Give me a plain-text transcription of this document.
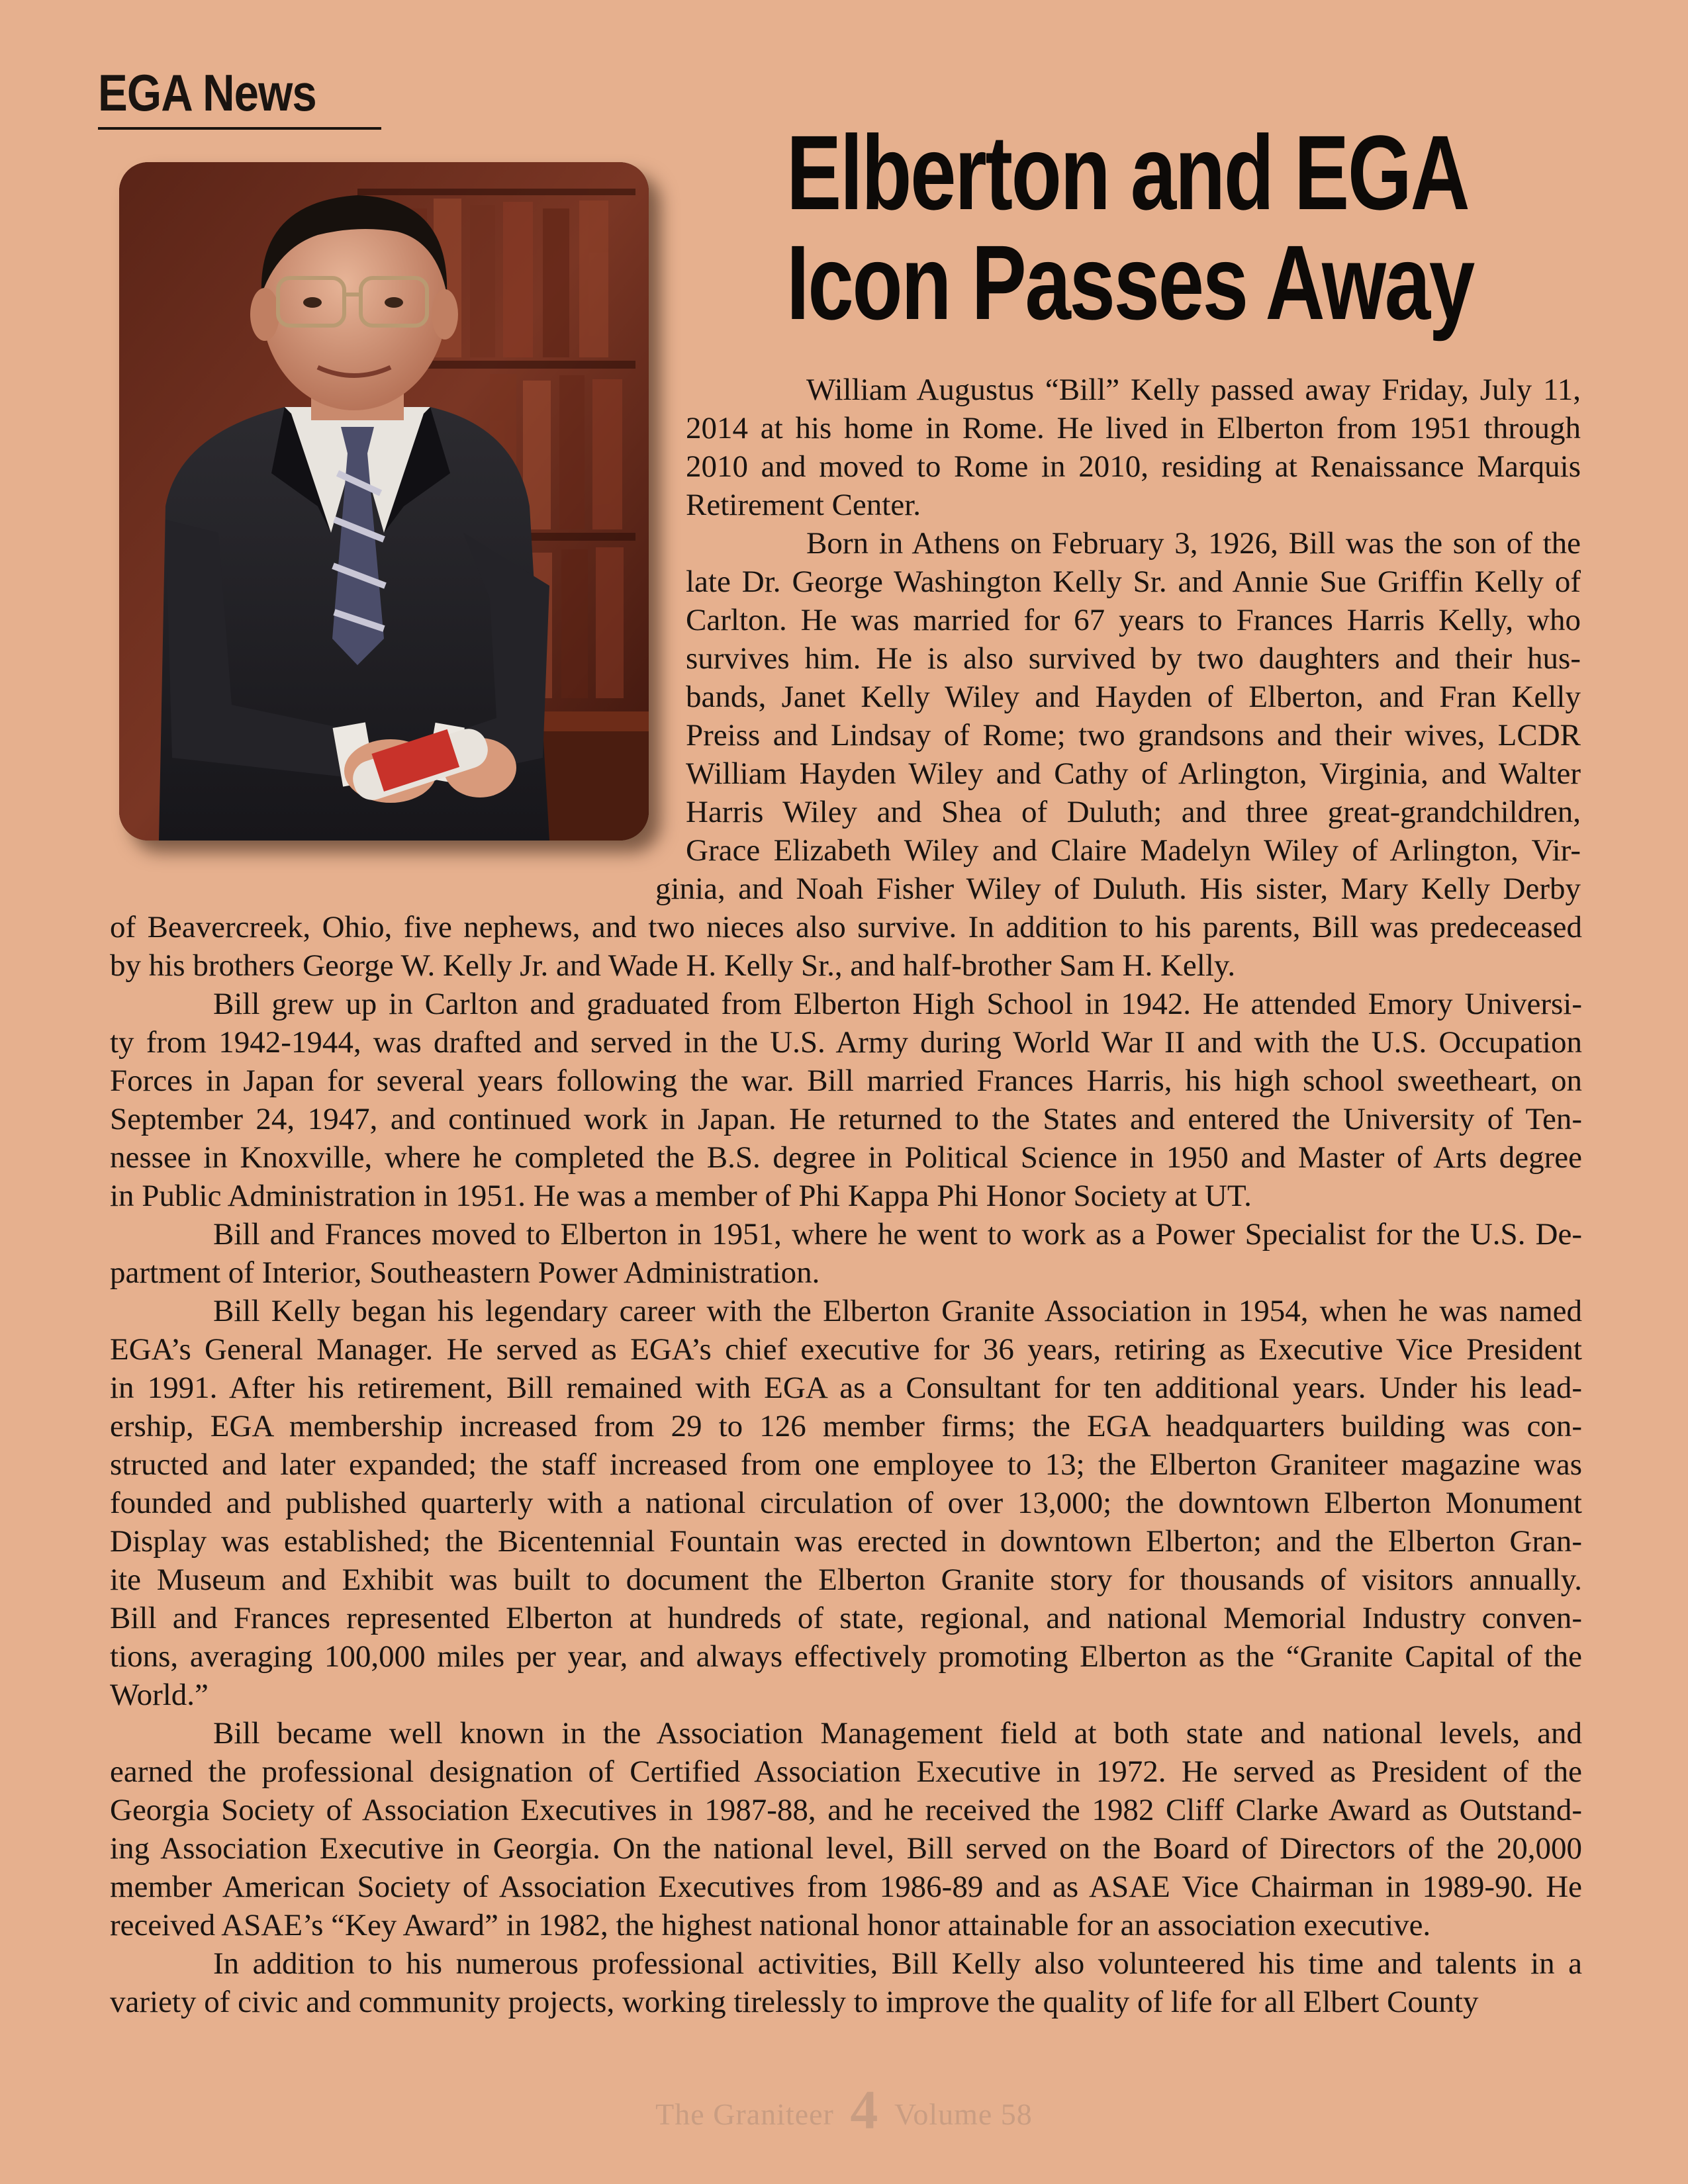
EGA News
Elberton and EGA
Icon Passes Away
William Augustus “Bill” Kelly passed away Friday, July 11,
2014 at his home in Rome. He lived in Elberton from 1951 through
2010 and moved to Rome in 2010, residing at Renaissance Marquis
Retirement Center.
Born in Athens on February 3, 1926, Bill was the son of the
late Dr. George Washington Kelly Sr. and Annie Sue Griffin Kelly of
Carlton. He was married for 67 years to Frances Harris Kelly, who
survives him. He is also survived by two daughters and their hus-
bands, Janet Kelly Wiley and Hayden of Elberton, and Fran Kelly
Preiss and Lindsay of Rome; two grandsons and their wives, LCDR
William Hayden Wiley and Cathy of Arlington, Virginia, and Walter
Harris Wiley and Shea of Duluth; and three great-grandchildren,
Grace Elizabeth Wiley and Claire Madelyn Wiley of Arlington, Vir-
ginia, and Noah Fisher Wiley of Duluth. His sister, Mary Kelly Derby
of Beavercreek, Ohio, five nephews, and two nieces also survive. In addition to his parents, Bill was predeceased
by his brothers George W. Kelly Jr. and Wade H. Kelly Sr., and half-brother Sam H. Kelly.
Bill grew up in Carlton and graduated from Elberton High School in 1942. He attended Emory Universi-
ty from 1942-1944, was drafted and served in the U.S. Army during World War II and with the U.S. Occupation
Forces in Japan for several years following the war. Bill married Frances Harris, his high school sweetheart, on
September 24, 1947, and continued work in Japan. He returned to the States and entered the University of Ten-
nessee in Knoxville, where he completed the B.S. degree in Political Science in 1950 and Master of Arts degree
in Public Administration in 1951. He was a member of Phi Kappa Phi Honor Society at UT.
Bill and Frances moved to Elberton in 1951, where he went to work as a Power Specialist for the U.S. De-
partment of Interior, Southeastern Power Administration.
Bill Kelly began his legendary career with the Elberton Granite Association in 1954, when he was named
EGA’s General Manager. He served as EGA’s chief executive for 36 years, retiring as Executive Vice President
in 1991. After his retirement, Bill remained with EGA as a Consultant for ten additional years. Under his lead-
ership, EGA membership increased from 29 to 126 member firms; the EGA headquarters building was con-
structed and later expanded; the staff increased from one employee to 13; the Elberton Graniteer magazine was
founded and published quarterly with a national circulation of over 13,000; the downtown Elberton Monument
Display was established; the Bicentennial Fountain was erected in downtown Elberton; and the Elberton Gran-
ite Museum and Exhibit was built to document the Elberton Granite story for thousands of visitors annually.
Bill and Frances represented Elberton at hundreds of state, regional, and national Memorial Industry conven-
tions, averaging 100,000 miles per year, and always effectively promoting Elberton as the “Granite Capital of the
World.”
Bill became well known in the Association Management field at both state and national levels, and
earned the professional designation of Certified Association Executive in 1972. He served as President of the
Georgia Society of Association Executives in 1987-88, and he received the 1982 Cliff Clarke Award as Outstand-
ing Association Executive in Georgia. On the national level, Bill served on the Board of Directors of the 20,000
member American Society of Association Executives from 1986-89 and as ASAE Vice Chairman in 1989-90. He
received ASAE’s “Key Award” in 1982, the highest national honor attainable for an association executive.
In addition to his numerous professional activities, Bill Kelly also volunteered his time and talents in a
variety of civic and community projects, working tirelessly to improve the quality of life for all Elbert County
The Graniteer 4 Volume 58
